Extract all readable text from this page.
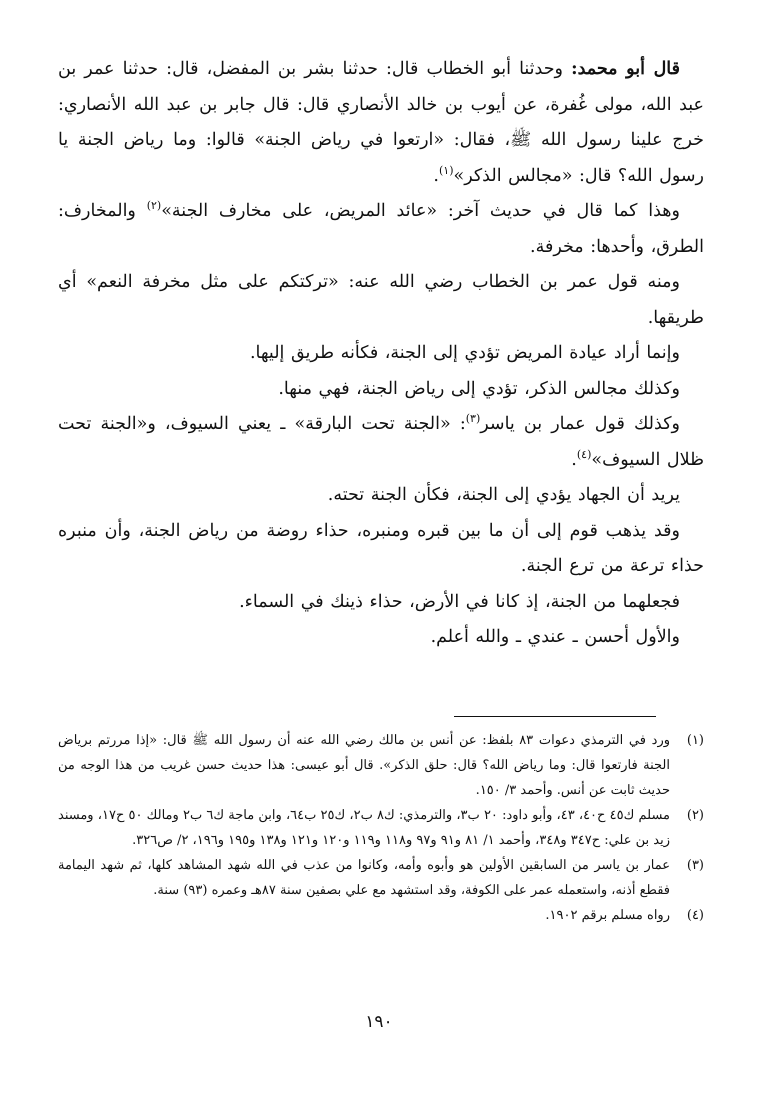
قال أبو محمد: وحدثنا أبو الخطاب قال: حدثنا بشر بن المفضل، قال: حدثنا عمر بن عبد الله، مولى غُفرة، عن أيوب بن خالد الأنصاري قال: قال جابر بن عبد الله الأنصاري: خرج علينا رسول الله ﷺ، فقال: «ارتعوا في رياض الجنة» قالوا: وما رياض الجنة يا رسول الله؟ قال: «مجالس الذكر»$^{(١)}$.

وهذا كما قال في حديث آخر: «عائد المريض، على مخارف الجنة»$^{(٢)}$ والمخارف: الطرق، وأحدها: مخرفة.

ومنه قول عمر بن الخطاب رضي الله عنه: «تركتكم على مثل مخرفة النعم» أي طريقها.

وإنما أراد عيادة المريض تؤدي إلى الجنة، فكأنه طريق إليها.

وكذلك مجالس الذكر، تؤدي إلى رياض الجنة، فهي منها.

وكذلك قول عمار بن ياسر$^{(٣)}$: «الجنة تحت البارقة» ـ يعني السيوف، و«الجنة تحت ظلال السيوف»$^{(٤)}$.

يريد أن الجهاد يؤدي إلى الجنة، فكأن الجنة تحته.

وقد يذهب قوم إلى أن ما بين قبره ومنبره، حذاء روضة من رياض الجنة، وأن منبره حذاء ترعة من ترع الجنة.

فجعلهما من الجنة، إذ كانا في الأرض، حذاء ذينك في السماء.

والأول أحسن ـ عندي ـ والله أعلم.

(١)
ورد في الترمذي دعوات ٨٣ بلفظ: عن أنس بن مالك رضي الله عنه أن رسول الله ﷺ قال: «إذا مررتم برياض الجنة فارتعوا قال: وما رياض الله؟ قال: حلق الذكر». قال أبو عيسى: هذا حديث حسن غريب من هذا الوجه من حديث ثابت عن أنس. وأحمد ٣/ ١٥٠.
(٢)
مسلم ك٤٥ ح٤٠، ٤٣، وأبو داود: ٢٠ ب٣، والترمذي: ك٨ ب٢، ك٢٥ ب٦٤، وابن ماجة ك٦ ب٢ ومالك ٥٠ ح١٧، ومسند زيد بن علي: ح٣٤٧ و٣٤٨، وأحمد ١/ ٨١ و٩١ و٩٧ و١١٨ و١١٩ و١٢٠ و١٢١ و١٣٨ و١٩٥ و١٩٦، ٢/ ص٣٢٦.
(٣)
عمار بن ياسر من السابقين الأولين هو وأبوه وأمه، وكانوا من عذب في الله شهد المشاهد كلها، ثم شهد اليمامة فقطع أذنه، واستعمله عمر على الكوفة، وقد استشهد مع علي بصفين سنة ٨٧هـ وعمره (٩٣) سنة.
(٤)
رواه مسلم برقم ١٩٠٢.
١٩٠
